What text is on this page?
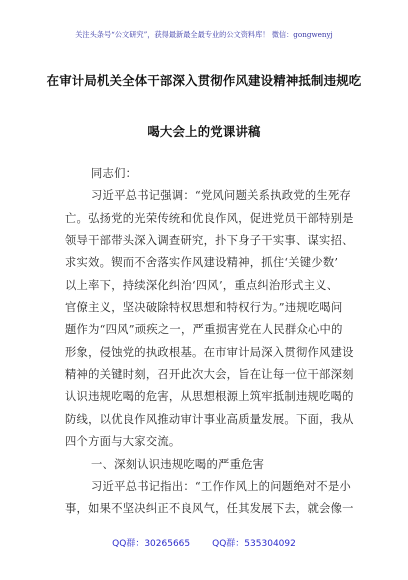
关注头条号“公文研究”，获得最新最全最专业的公文资料库！ 微信：gongwenyj
在审计局机关全体干部深入贯彻作风建设精神抵制违规吃
喝大会上的党课讲稿
同志们：
习近平总书记强调：“党风问题关系执政党的生死存
亡。弘扬党的光荣传统和优良作风，促进党员干部特别是
领导干部带头深入调查研究，扑下身子干实事、谋实招、
求实效。锲而不舍落实作风建设精神，抓住‘关键少数’
以上率下，持续深化纠治‘四风’，重点纠治形式主义、
官僚主义，坚决破除特权思想和特权行为。”违规吃喝问
题作为“四风”顽疾之一，严重损害党在人民群众心中的
形象，侵蚀党的执政根基。在市审计局深入贯彻作风建设
精神的关键时刻，召开此次大会，旨在让每一位干部深刻
认识违规吃喝的危害，从思想根源上筑牢抵制违规吃喝的
防线，以优良作风推动审计事业高质量发展。下面，我从
四个方面与大家交流。
一、深刻认识违规吃喝的严重危害
习近平总书记指出：“工作作风上的问题绝对不是小
事，如果不坚决纠正不良风气，任其发展下去，就会像一
QQ群：30265665 QQ群：535304092
